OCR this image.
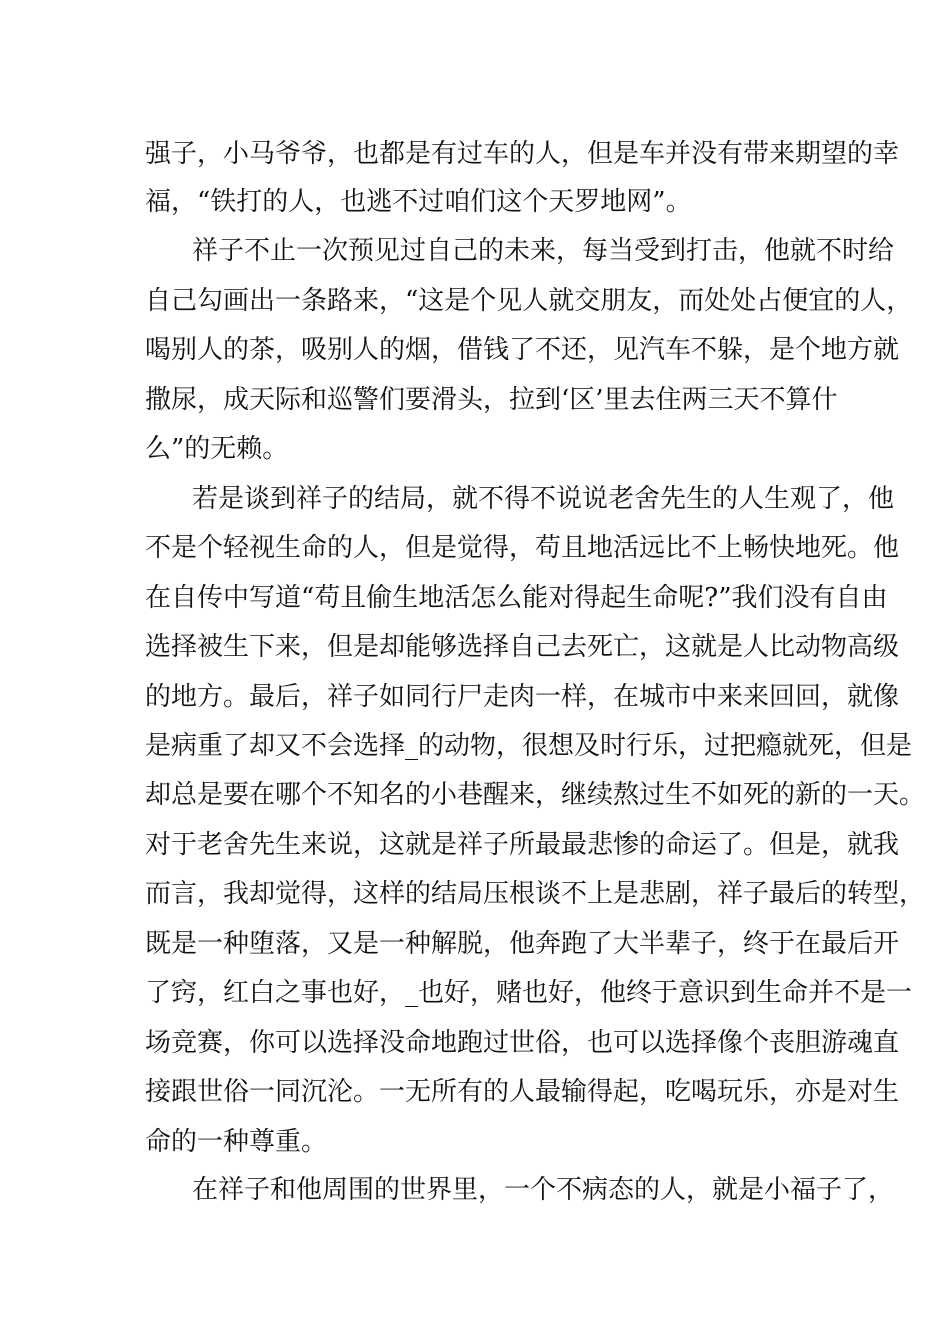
强子，小马爷爷，也都是有过车的人，但是车并没有带来期望的幸
福，“铁打的人，也逃不过咱们这个天罗地网”。
祥子不止一次预见过自己的未来，每当受到打击，他就不时给
自己勾画出一条路来，“这是个见人就交朋友，而处处占便宜的人，
喝别人的茶，吸别人的烟，借钱了不还，见汽车不躲，是个地方就
撒尿，成天际和巡警们要滑头，拉到‘区’里去住两三天不算什
么”的无赖。
若是谈到祥子的结局，就不得不说说老舍先生的人生观了，他
不是个轻视生命的人，但是觉得，苟且地活远比不上畅快地死。他
在自传中写道“苟且偷生地活怎么能对得起生命呢?”我们没有自由
选择被生下来，但是却能够选择自己去死亡，这就是人比动物高级
的地方。最后，祥子如同行尸走肉一样，在城市中来来回回，就像
是病重了却又不会选择_的动物，很想及时行乐，过把瘾就死，但是
却总是要在哪个不知名的小巷醒来，继续熬过生不如死的新的一天。
对于老舍先生来说，这就是祥子所最最悲惨的命运了。但是，就我
而言，我却觉得，这样的结局压根谈不上是悲剧，祥子最后的转型，
既是一种堕落，又是一种解脱，他奔跑了大半辈子，终于在最后开
了窍，红白之事也好，_也好，赌也好，他终于意识到生命并不是一
场竞赛，你可以选择没命地跑过世俗，也可以选择像个丧胆游魂直
接跟世俗一同沉沦。一无所有的人最输得起，吃喝玩乐，亦是对生
命的一种尊重。
在祥子和他周围的世界里，一个不病态的人，就是小福子了，
